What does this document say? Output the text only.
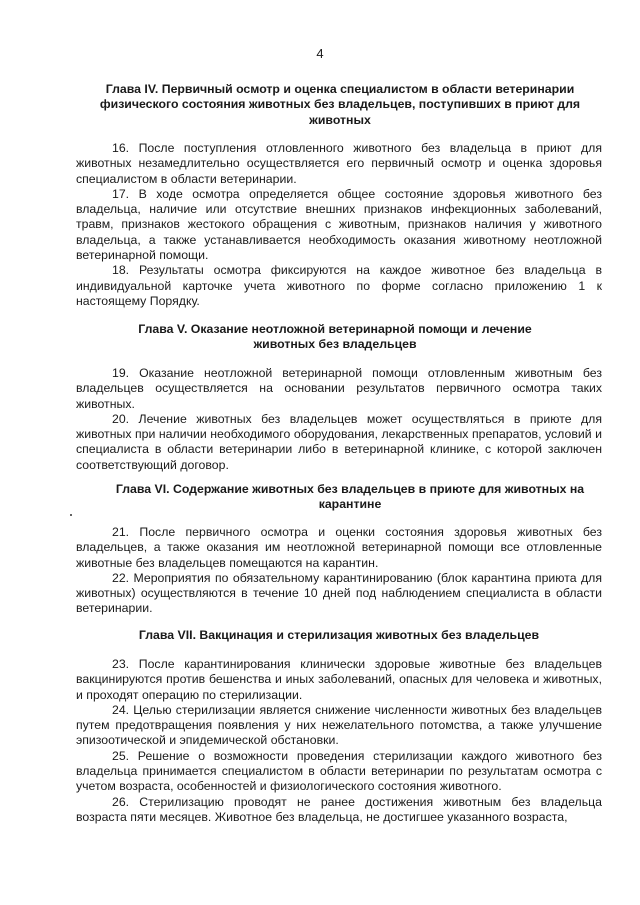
4
Глава IV. Первичный осмотр и оценка специалистом в области ветеринарии физического состояния животных без владельцев, поступивших в приют для животных

16. После поступления отловленного животного без владельца в приют для животных незамедлительно осуществляется его первичный осмотр и оценка здоровья специалистом в области ветеринарии.

17. В ходе осмотра определяется общее состояние здоровья животного без владельца, наличие или отсутствие внешних признаков инфекционных заболеваний, травм, признаков жестокого обращения с животным, признаков наличия у животного владельца, а также устанавливается необходимость оказания животному неотложной ветеринарной помощи.

18. Результаты осмотра фиксируются на каждое животное без владельца в индивидуальной карточке учета животного по форме согласно приложению 1 к настоящему Порядку.

Глава V. Оказание неотложной ветеринарной помощи и лечение животных без владельцев

19. Оказание неотложной ветеринарной помощи отловленным животным без владельцев осуществляется на основании результатов первичного осмотра таких животных.

20. Лечение животных без владельцев может осуществляться в приюте для животных при наличии необходимого оборудования, лекарственных препаратов, условий и специалиста в области ветеринарии либо в ветеринарной клинике, с которой заключен соответствующий договор.

Глава VI. Содержание животных без владельцев в приюте для животных на карантине

21. После первичного осмотра и оценки состояния здоровья животных без владельцев, а также оказания им неотложной ветеринарной помощи все отловленные животные без владельцев помещаются на карантин.

22. Мероприятия по обязательному карантинированию (блок карантина приюта для животных) осуществляются в течение 10 дней под наблюдением специалиста в области ветеринарии.

Глава VII. Вакцинация и стерилизация животных без владельцев

23. После карантинирования клинически здоровые животные без владельцев вакцинируются против бешенства и иных заболеваний, опасных для человека и животных, и проходят операцию по стерилизации.

24. Целью стерилизации является снижение численности животных без владельцев путем предотвращения появления у них нежелательного потомства, а также улучшение эпизоотической и эпидемической обстановки.

25. Решение о возможности проведения стерилизации каждого животного без владельца принимается специалистом в области ветеринарии по результатам осмотра с учетом возраста, особенностей и физиологического состояния животного.

26. Стерилизацию проводят не ранее достижения животным без владельца возраста пяти месяцев. Животное без владельца, не достигшее указанного возраста,
